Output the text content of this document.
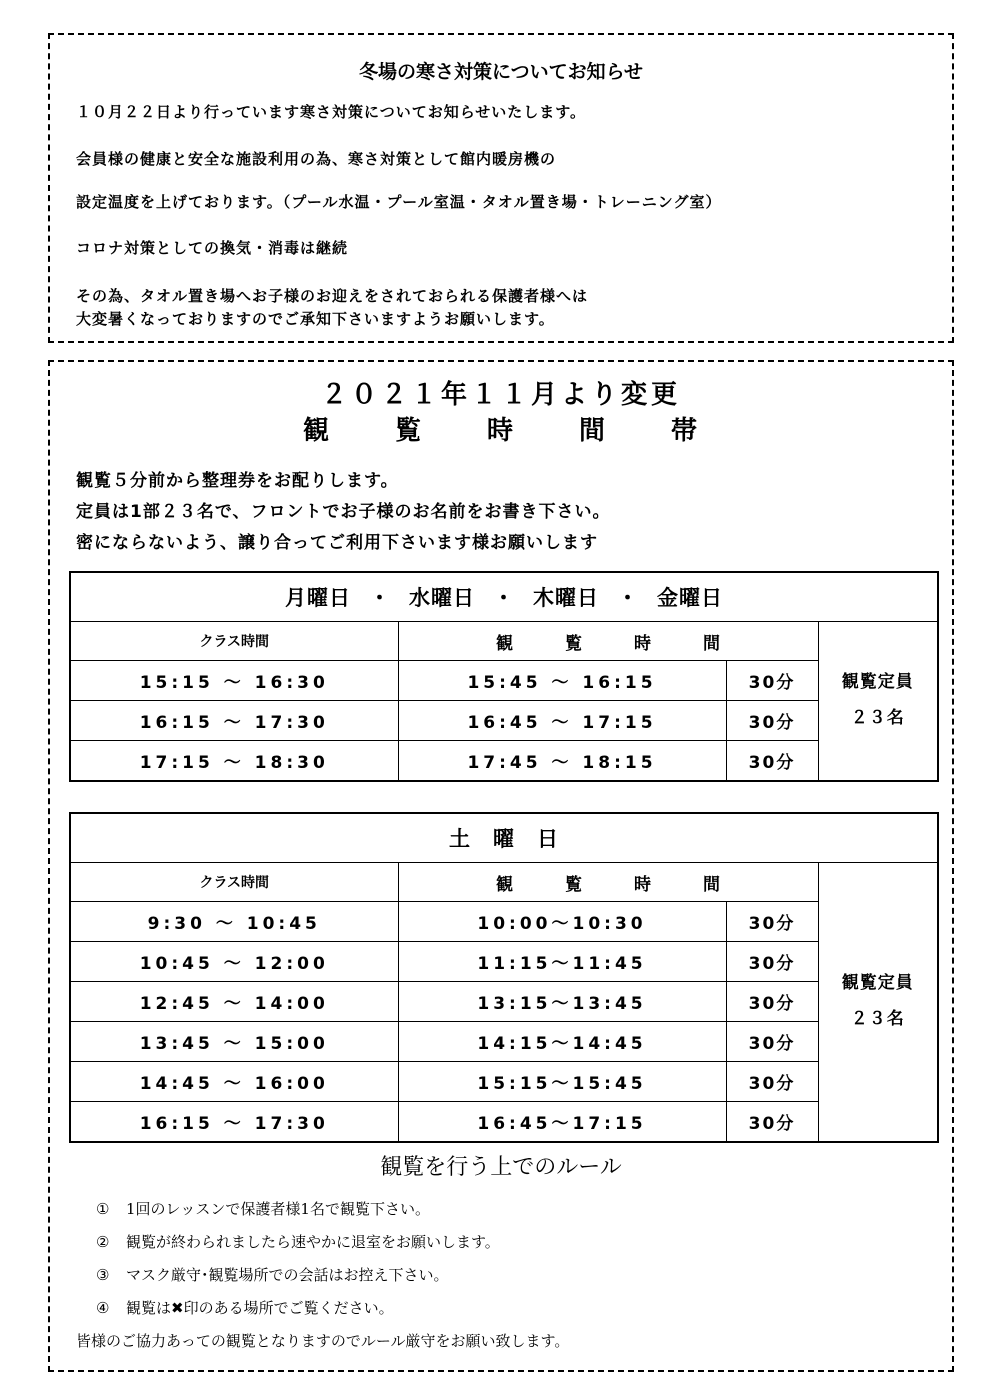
冬場の寒さ対策についてお知らせ
１０月２２日より行っています寒さ対策についてお知らせいたします。
会員様の健康と安全な施設利用の為、寒さ対策として館内暖房機の
設定温度を上げております。（プール水温・プール室温・タオル置き場・トレーニング室）
コロナ対策としての換気・消毒は継続
その為、タオル置き場へお子様のお迎えをされておられる保護者様へは
大変暑くなっておりますのでご承知下さいますようお願いします。
２０２１年１１月より変更
観 覧 時 間 帯
観覧５分前から整理券をお配りします。
定員は1部２３名で、フロントでお子様のお名前をお書き下さい。
密にならないよう、譲り合ってご利用下さいます様お願いします
月曜日 ・ 水曜日 ・ 木曜日 ・ 金曜日			
クラス時間	観 覧 時 間		観覧定員
２３名
15:15 ～ 16:30	15:45 ～ 16:15	30分	
16:15 ～ 17:30	16:45 ～ 17:15	30分	
17:15 ～ 18:30	17:45 ～ 18:15	30分	
土　曜　日			
クラス時間	観 覧 時 間		観覧定員
２３名
9:30 ～ 10:45	10:00～10:30	30分	
10:45 ～ 12:00	11:15～11:45	30分	
12:45 ～ 14:00	13:15～13:45	30分	
13:45 ～ 15:00	14:15～14:45	30分	
14:45 ～ 16:00	15:15～15:45	30分	
16:15 ～ 17:30	16:45～17:15	30分	
観覧を行う上でのルール
① 1回のレッスンで保護者様1名で観覧下さい。
② 観覧が終わられましたら速やかに退室をお願いします。
③ マスク厳守･観覧場所での会話はお控え下さい。
④ 観覧は✖印のある場所でご覧ください。
皆様のご協力あっての観覧となりますのでルール厳守をお願い致します。
